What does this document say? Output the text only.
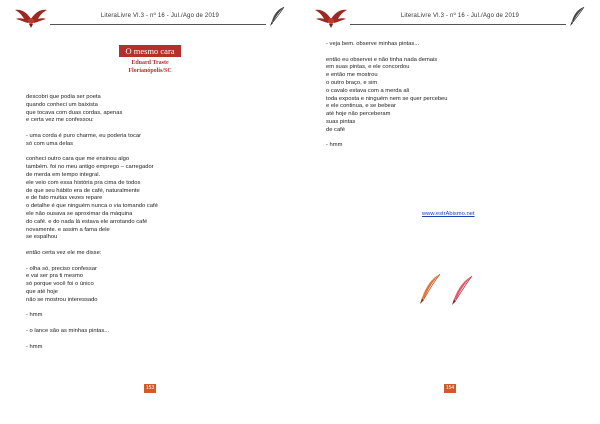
LiteraLivre Vl.3 - nº 16 - Jul./Ago de 2019
O mesmo cara
Eduard Traste
Florianópolis/SC
descobri que podia ser poeta
quando conheci um baixista
que tocava com duas cordas, apenas
e certa vez me confessou:
- uma corda é puro charme, eu poderia tocar
só com uma delas
conheci outro cara que me ensinou algo
também. foi no meu antigo emprego – carregador
de merda em tempo integral.
ele veio com essa história pra cima de todos
de que seu hábito era de café, naturalmente
e de fato muitas vezes repare
o detalhe é que ninguém nunca o via tomando café
ele não ousava se aproximar da máquina
do café. e do nada lá estava ele arrotando café
novamente. e assim a fama dele
se espalhou
então certa vez ele me disse:
- olha só, preciso confessar
e vai ser pra ti mesmo
só porque você foi o único
que até hoje
não se mostrou interessado
- hmm
- o lance são as minhas pintas...
- hmm
153
LiteraLivre Vl.3 - nº 16 - Jul./Ago de 2019
- veja bem. observe minhas pintas...
então eu observei e não tinha nada demais
em suas pintas, e ele concordou
e então me mostrou
o outro braço, e sim
o cavalo estava com a merda ali
toda exposta e ninguém nem se quer percebeu
e ele continua, e se bebear
até hoje não perceberam
suas pintas
de café
- hmm
www.estrAbismo.net
154
